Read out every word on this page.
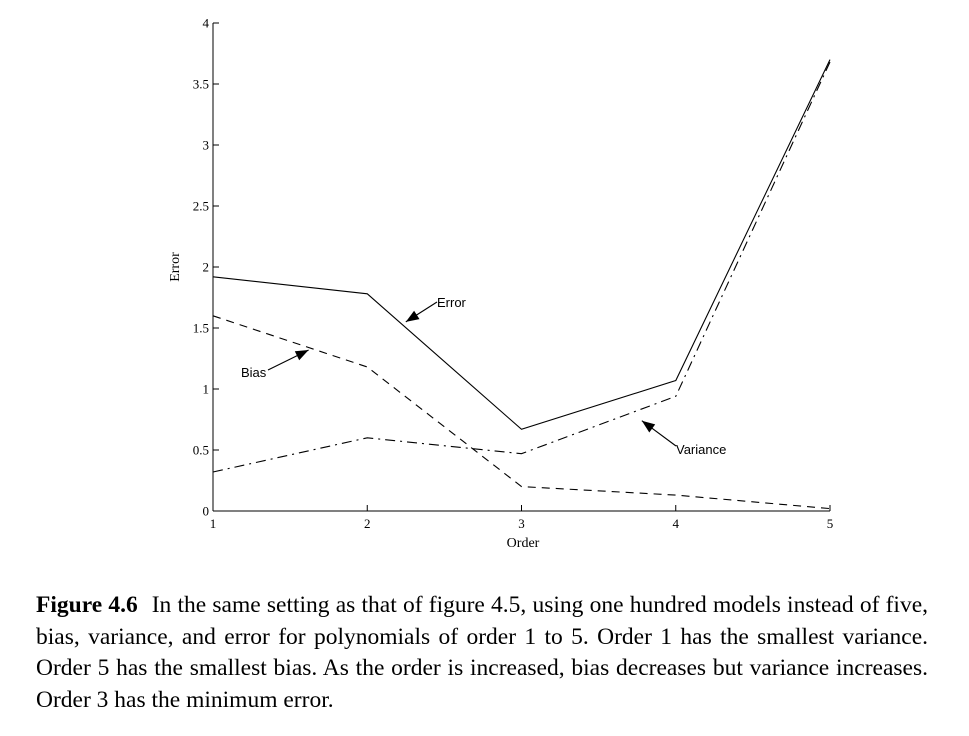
0
0.5
1
1.5
2
2.5
3
3.5
4
1	2	3	4	5
Error
Bias
Variance
Order
Error
Figure 4.6 In the same setting as that of figure 4.5, using one hundred models instead of five, bias, variance, and error for polynomials of order 1 to 5. Order 1 has the smallest variance. Order 5 has the smallest bias. As the order is increased, bias decreases but variance increases. Order 3 has the minimum error.
